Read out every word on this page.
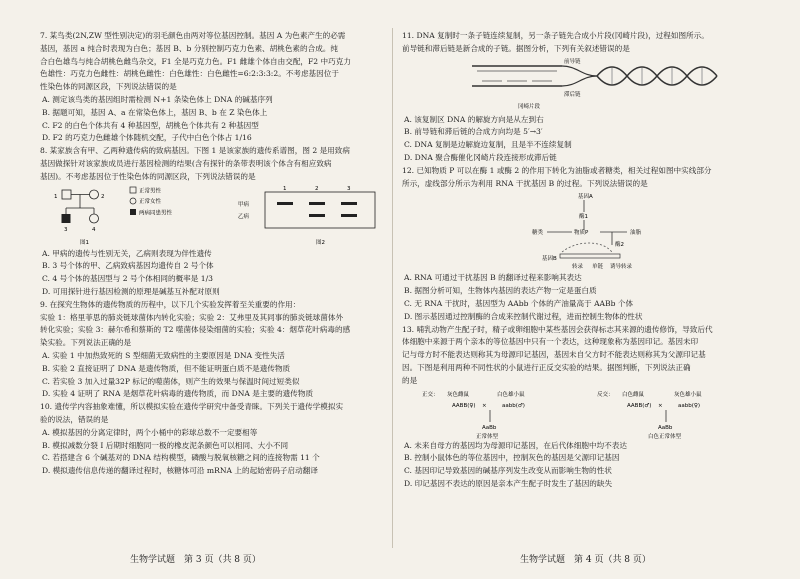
7. 某鸟类(2N,ZW 型性别决定)的羽毛颜色由两对等位基因控制。基因 A 为色素产生的必需

基因，基因 a 纯合时表现为白色；基因 B、b 分别控制巧克力色素、胡桃色素的合成。纯

合白色雄鸟与纯合胡桃色雌鸟杂交，F1 全是巧克力色。F1 雌雄个体自由交配，F2 中巧克力

色雄性：巧克力色雌性：胡桃色雌性：白色雄性：白色雌性=6:2:3:3:2。不考虑基因位于

性染色体的同源区段，下列说法错误的是

A. 测定该鸟类的基因组时需检测 N+1 条染色体上 DNA 的碱基序列

B. 据题可知，基因 A、a 在常染色体上，基因 B、b 在 Z 染色体上

C. F2 的白色个体共有 4 种基因型，胡桃色个体共有 2 种基因型

D. F2 的巧克力色雌雄个体随机交配，子代中白色个体占 1/16

8. 某家族含有甲、乙两种遗传病的致病基因。下图 1 是该家族的遗传系谱图，图 2 是用致病

基因做探针对该家族成员进行基因检测的结果(含有探针的条带表明该个体含有相应致病

基因)。不考虑基因位于性染色体的同源区段，下列说法错误的是

1	2
3	4
正常男性
正常女性
两病同患男性
图1
1	2	3
甲病
乙病
图2

A. 甲病的遗传与性别无关，乙病则表现为伴性遗传

B. 3 号个体的甲、乙病致病基因均遗传自 2 号个体

C. 4 号个体的基因型与 2 号个体相同的概率是 1/3

D. 可用探针进行基因检测的原理是碱基互补配对原则

9. 在探究生物体的遗传物质的历程中，以下几个实验发挥着至关重要的作用：

实验 1：格里菲思的肺炎链球菌体内转化实验；实验 2：艾弗里及其同事的肺炎链球菌体外

转化实验；实验 3：赫尔希和蔡斯的 T2 噬菌体侵染细菌的实验；实验 4：烟草花叶病毒的感

染实验。下列说法正确的是

A. 实验 1 中加热致死的 S 型细菌无致病性的主要原因是 DNA 变性失活

B. 实验 2 直接证明了 DNA 是遗传物质，但不能证明蛋白质不是遗传物质

C. 若实验 3 加入过量32P 标记的噬菌体，则产生的效果与保温时间过短类似

D. 实验 4 证明了 RNA 是烟草花叶病毒的遗传物质，而 DNA 是主要的遗传物质

10. 遗传学内容抽象难懂，所以模拟实验在遗传学研究中备受青睐。下列关于遗传学模拟实

验的说法，错误的是

A. 模拟基因的分离定律时，两个小桶中的彩球总数不一定要相等

B. 模拟减数分裂 I 后期时细胞同一极的橡皮泥条颜色可以相同、大小不同

C. 若搭建含 6 个碱基对的 DNA 结构模型，磷酸与脱氧核糖之间的连接物需 11 个

D. 模拟遗传信息传递的翻译过程时，核糖体可沿 mRNA 上的起始密码子启动翻译

11. DNA 复制时一条子链连续复制，另一条子链先合成小片段(冈崎片段)，过程如图所示。

前导链和滞后链是新合成的子链。据图分析，下列有关叙述错误的是

前导链
滞后链
冈崎片段

A. 该复制区 DNA 的解旋方向是从左到右

B. 前导链和滞后链的合成方向均是 5′→3′

C. DNA 复制是边解旋边复制，且是半不连续复制

D. DNA 聚合酶催化冈崎片段连接形成滞后链

12. 已知物质 P 可以在酶 1 或酶 2 的作用下转化为油脂或者糖类，相关过程如图中实线部分

所示，虚线部分所示为利用 RNA 干扰基因 B 的过程。下列说法错误的是

基因A
酶1
糖类	物质P	油脂
酶2
基因B
转录 单链 诱导转录

A. RNA 可通过干扰基因 B 的翻译过程来影响其表达

B. 据图分析可知，生物体内基因的表达产物一定是蛋白质

C. 无 RNA 干扰时，基因型为 AAbb 个体的产油量高于 AABb 个体

D. 图示基因通过控制酶的合成来控制代谢过程，进而控制生物体的性状

13. 哺乳动物产生配子时，精子或卵细胞中某些基因会获得标志其来源的遗传修饰，导致后代

体细胞中来源于两个亲本的等位基因中只有一个表达，这种现象称为基因印记。基因未印

记与母方时不能表达则称其为母源印记基因，基因未自父方时不能表达则称其为父源印记基

因。下图是利用两种不同性状的小鼠进行正反交实验的结果。据图判断，下列说法正确

的是

正交： 灰色雌鼠	白色雄小鼠
AABB(♀) ×	aabb(♂)
AaBb
正常体型
反交： 白色雌鼠	灰色雄小鼠
AABB(♂) ×	aabb(♀)
AaBb
白色正常体型

A. 未来自母方的基因均为母源印记基因，在后代体细胞中均不表达

B. 控制小鼠体色的等位基因中，控制灰色的基因是父源印记基因

C. 基因印记导致基因的碱基序列发生改变从而影响生物的性状

D. 印记基因不表达的原因是亲本产生配子时发生了基因的缺失

生物学试题　第 3 页（共 8 页）	生物学试题　第 4 页（共 8 页）
